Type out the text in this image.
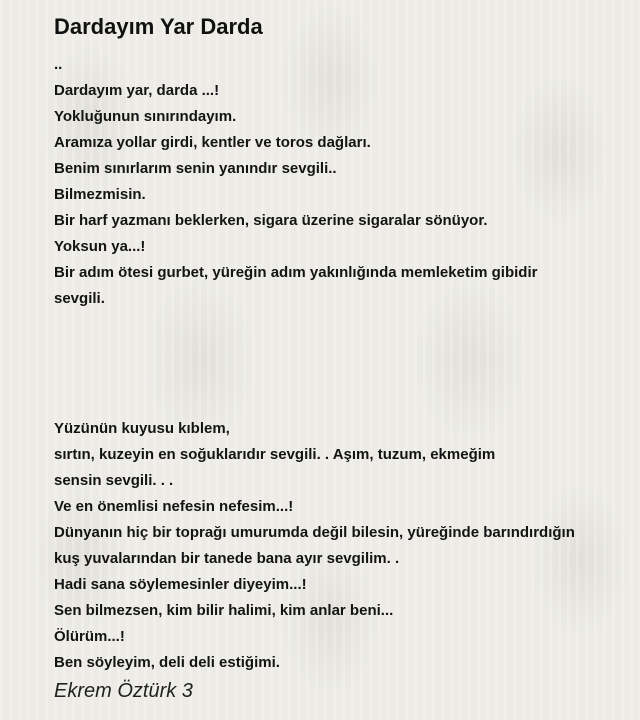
Dardayım Yar Darda
..
Dardayım yar, darda ...!
Yokluğunun sınırındayım.
Aramıza yollar girdi, kentler ve toros dağları.
Benim sınırlarım senin yanındır sevgili..
Bilmezmisin.
Bir harf yazmanı beklerken, sigara üzerine sigaralar sönüyor.
Yoksun ya...!
Bir adım ötesi gurbet, yüreğin adım yakınlığında memleketim gibidir
sevgili.
Yüzünün kuyusu kıblem,
sırtın, kuzeyin en soğuklarıdır sevgili. . Aşım, tuzum, ekmeğim
sensin sevgili. . .
Ve en önemlisi nefesin nefesim...!
Dünyanın hiç bir toprağı umurumda değil bilesin, yüreğinde barındırdığın
kuş yuvalarından bir tanede bana ayır sevgilim. .
Hadi sana söylemesinler diyeyim...!
Sen bilmezsen, kim bilir halimi, kim anlar beni...
Ölürüm...!
Ben söyleyim, deli deli estiğimi.
Ekrem Öztürk 3
